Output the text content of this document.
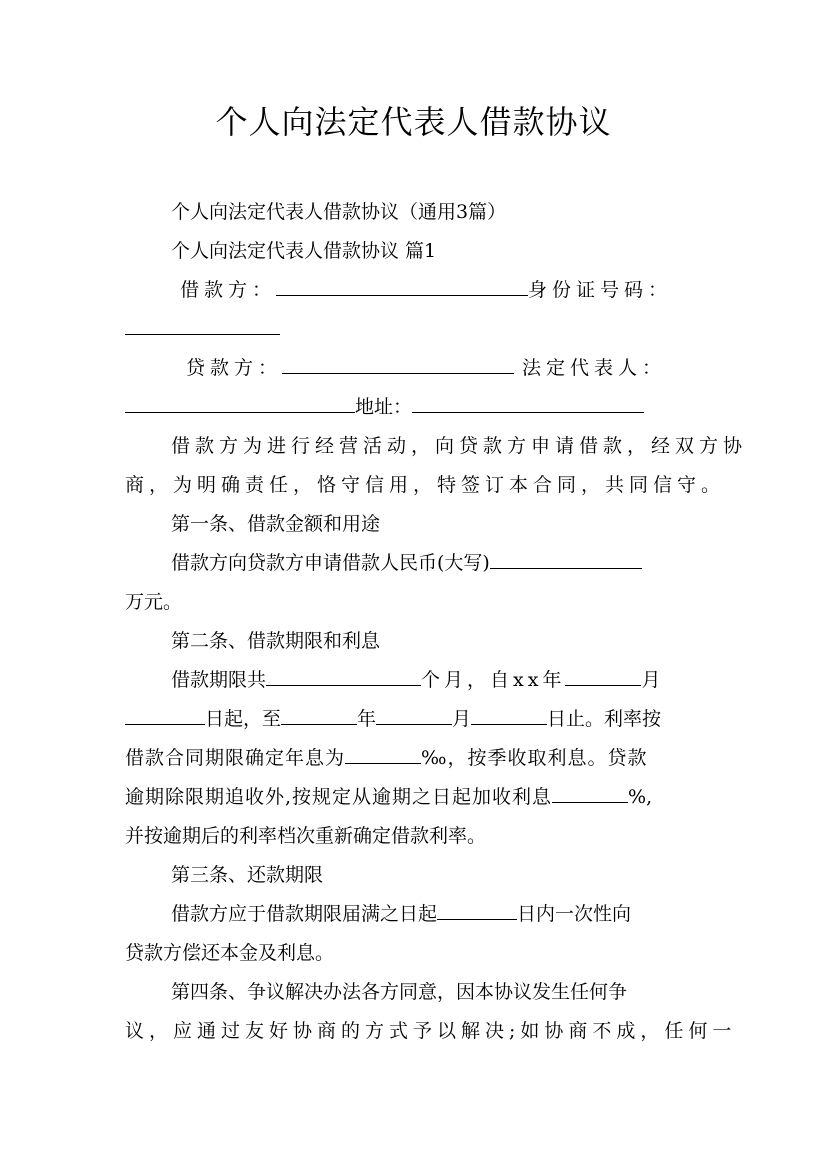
个人向法定代表人借款协议

个人向法定代表人借款协议（通用3篇）

个人向法定代表人借款协议 篇1

借款方：	身份证号码：

贷款方：	法定代表人：

地址：

借款方为进行经营活动，向贷款方申请借款，经双方协

商，为明确责任，恪守信用，特签订本合同，共同信守。

第一条、借款金额和用途

借款方向贷款方申请借款人民币(大写)

万元。

第二条、借款期限和利息

借款期限共	个月，自xx年	月

日起，至	年	月	日止。利率按

借款合同期限确定年息为	‰，按季收取利息。贷款

逾期除限期追收外,按规定从逾期之日起加收利息	%,

并按逾期后的利率档次重新确定借款利率。

第三条、还款期限

借款方应于借款期限届满之日起	日内一次性向

贷款方偿还本金及利息。

第四条、争议解决办法各方同意，因本协议发生任何争

议，应通过友好协商的方式予以解决;如协商不成，任何一
